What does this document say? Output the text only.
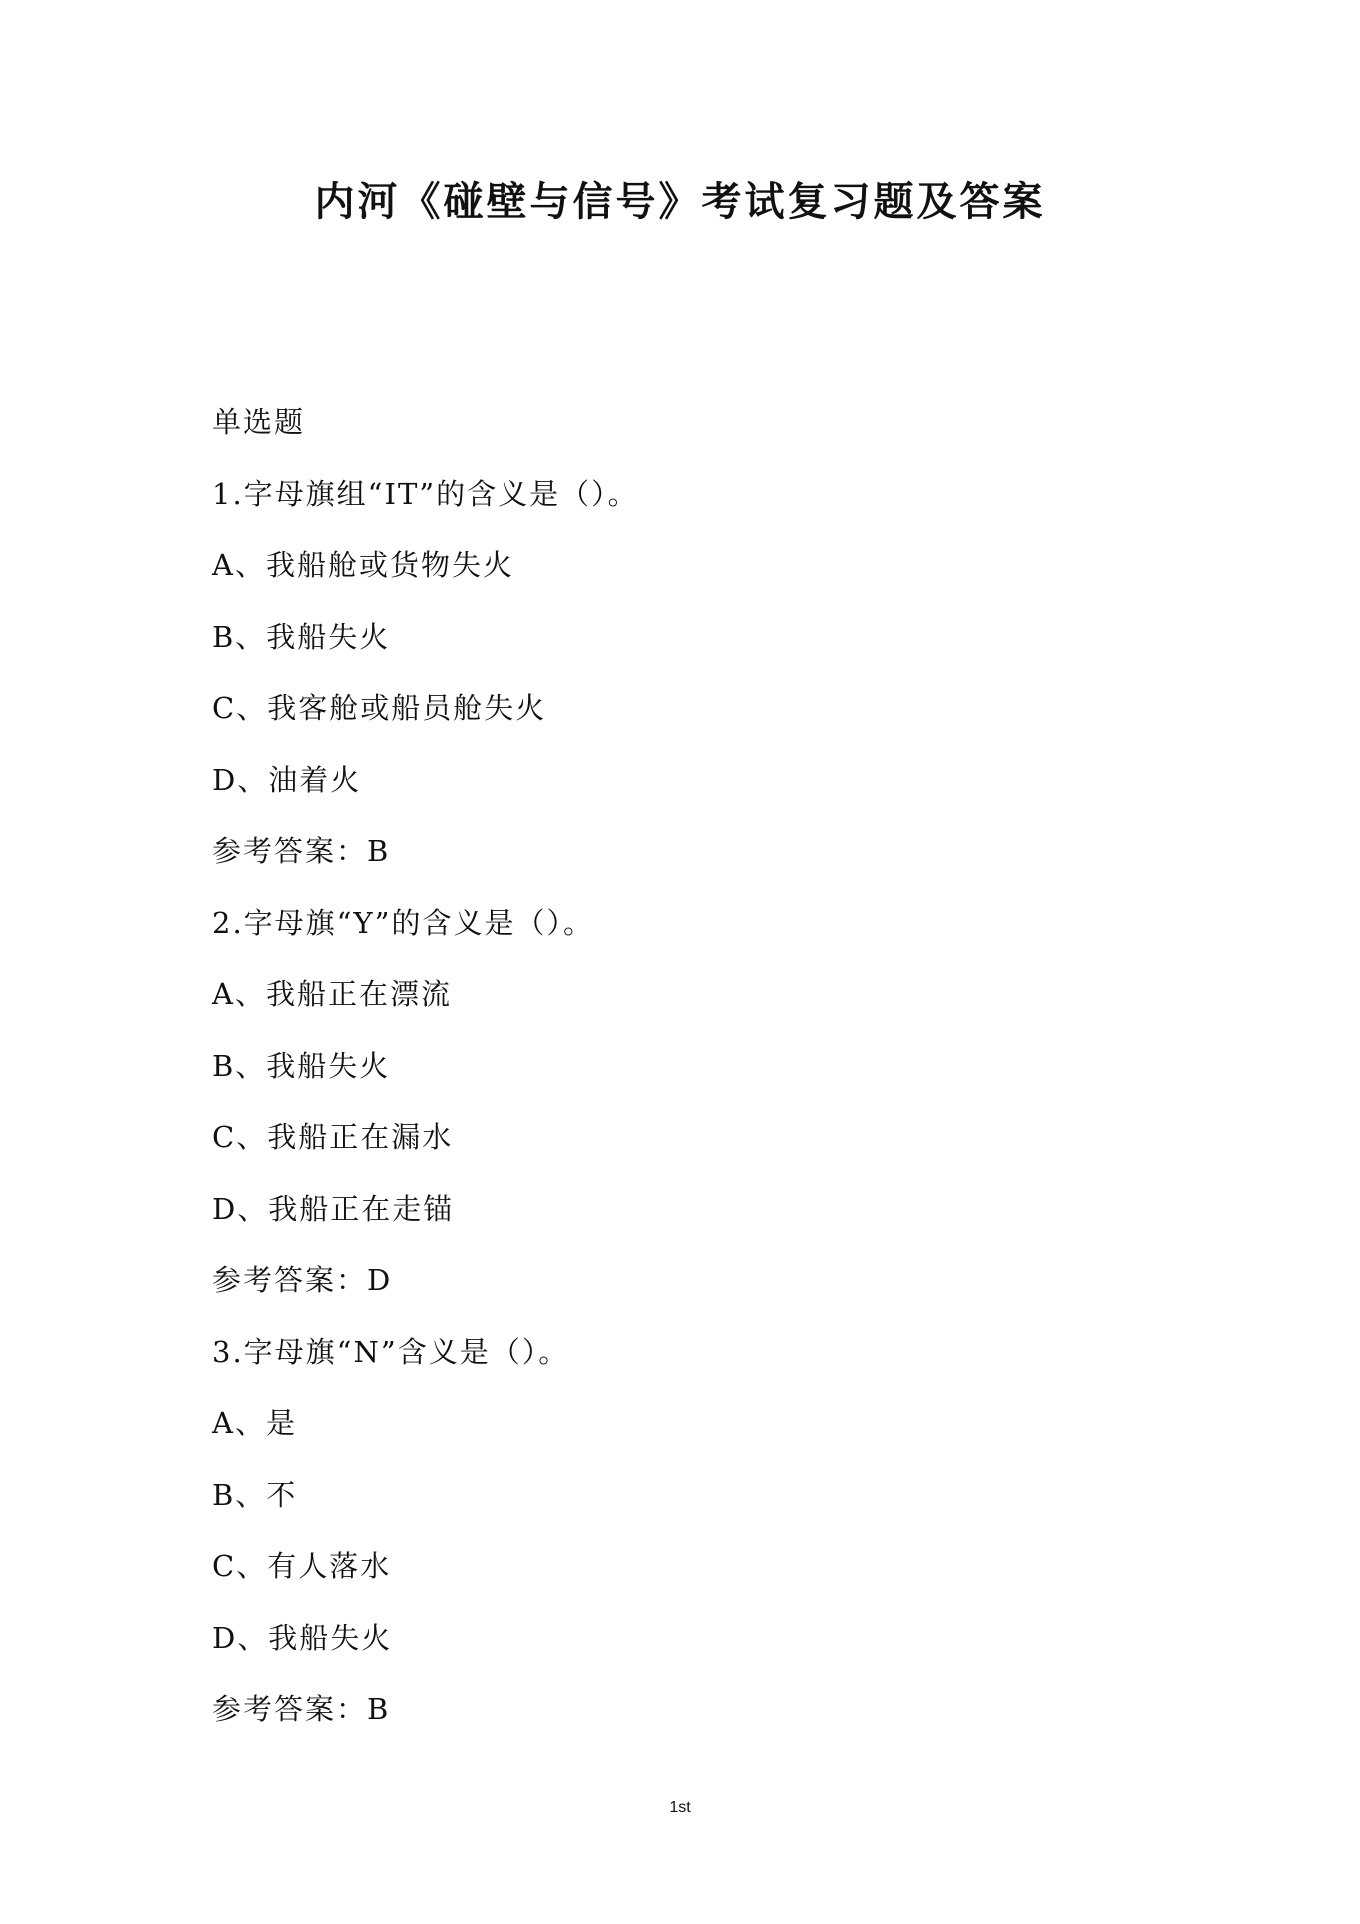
内河《碰壁与信号》考试复习题及答案
单选题
1.字母旗组“IT”的含义是（）。
A、我船舱或货物失火
B、我船失火
C、我客舱或船员舱失火
D、油着火
参考答案：B
2.字母旗“Y”的含义是（）。
A、我船正在漂流
B、我船失火
C、我船正在漏水
D、我船正在走锚
参考答案：D
3.字母旗“N”含义是（）。
A、是
B、不
C、有人落水
D、我船失火
参考答案：B
1st
